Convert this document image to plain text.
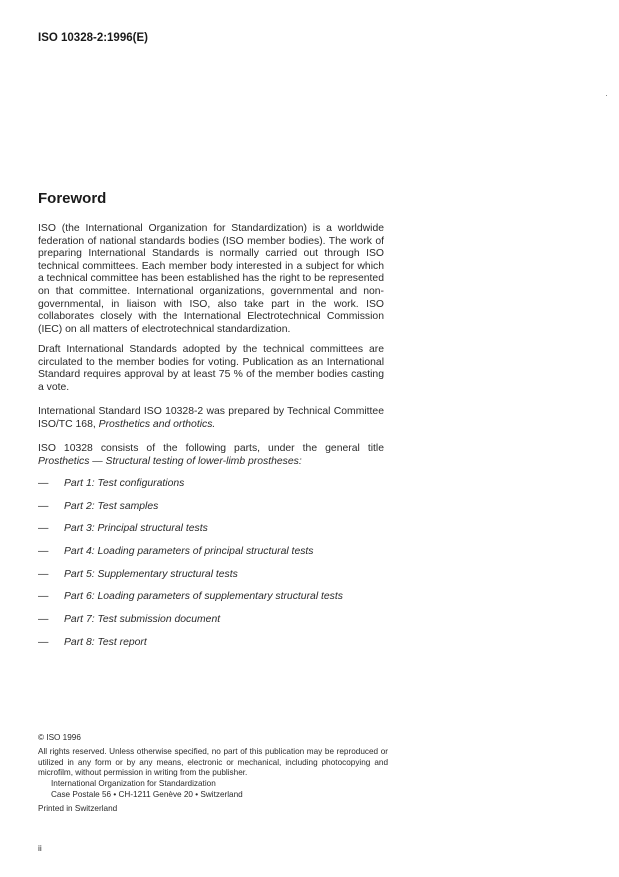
ISO 10328-2:1996(E)
Foreword

ISO (the International Organization for Standardization) is a worldwide federation of national standards bodies (ISO member bodies). The work of preparing International Standards is normally carried out through ISO technical committees. Each member body interested in a subject for which a technical committee has been established has the right to be represented on that committee. International organizations, governmental and non-governmental, in liaison with ISO, also take part in the work. ISO collaborates closely with the International Electrotechnical Commission (IEC) on all matters of electrotechnical standardization.

Draft International Standards adopted by the technical committees are circulated to the member bodies for voting. Publication as an International Standard requires approval by at least 75 % of the member bodies casting a vote.

International Standard ISO 10328-2 was prepared by Technical Committee ISO/TC 168, Prosthetics and orthotics.

ISO 10328 consists of the following parts, under the general title Prosthetics — Structural testing of lower-limb prostheses:

—	Part 1: Test configurations
—	Part 2: Test samples
—	Part 3: Principal structural tests
—	Part 4: Loading parameters of principal structural tests
—	Part 5: Supplementary structural tests
—	Part 6: Loading parameters of supplementary structural tests
—	Part 7: Test submission document
—	Part 8: Test report

© ISO 1996

All rights reserved. Unless otherwise specified, no part of this publication may be reproduced or utilized in any form or by any means, electronic or mechanical, including photocopying and microfilm, without permission in writing from the publisher.

International Organization for Standardization

Case Postale 56 • CH-1211 Genève 20 • Switzerland

Printed in Switzerland

ii
